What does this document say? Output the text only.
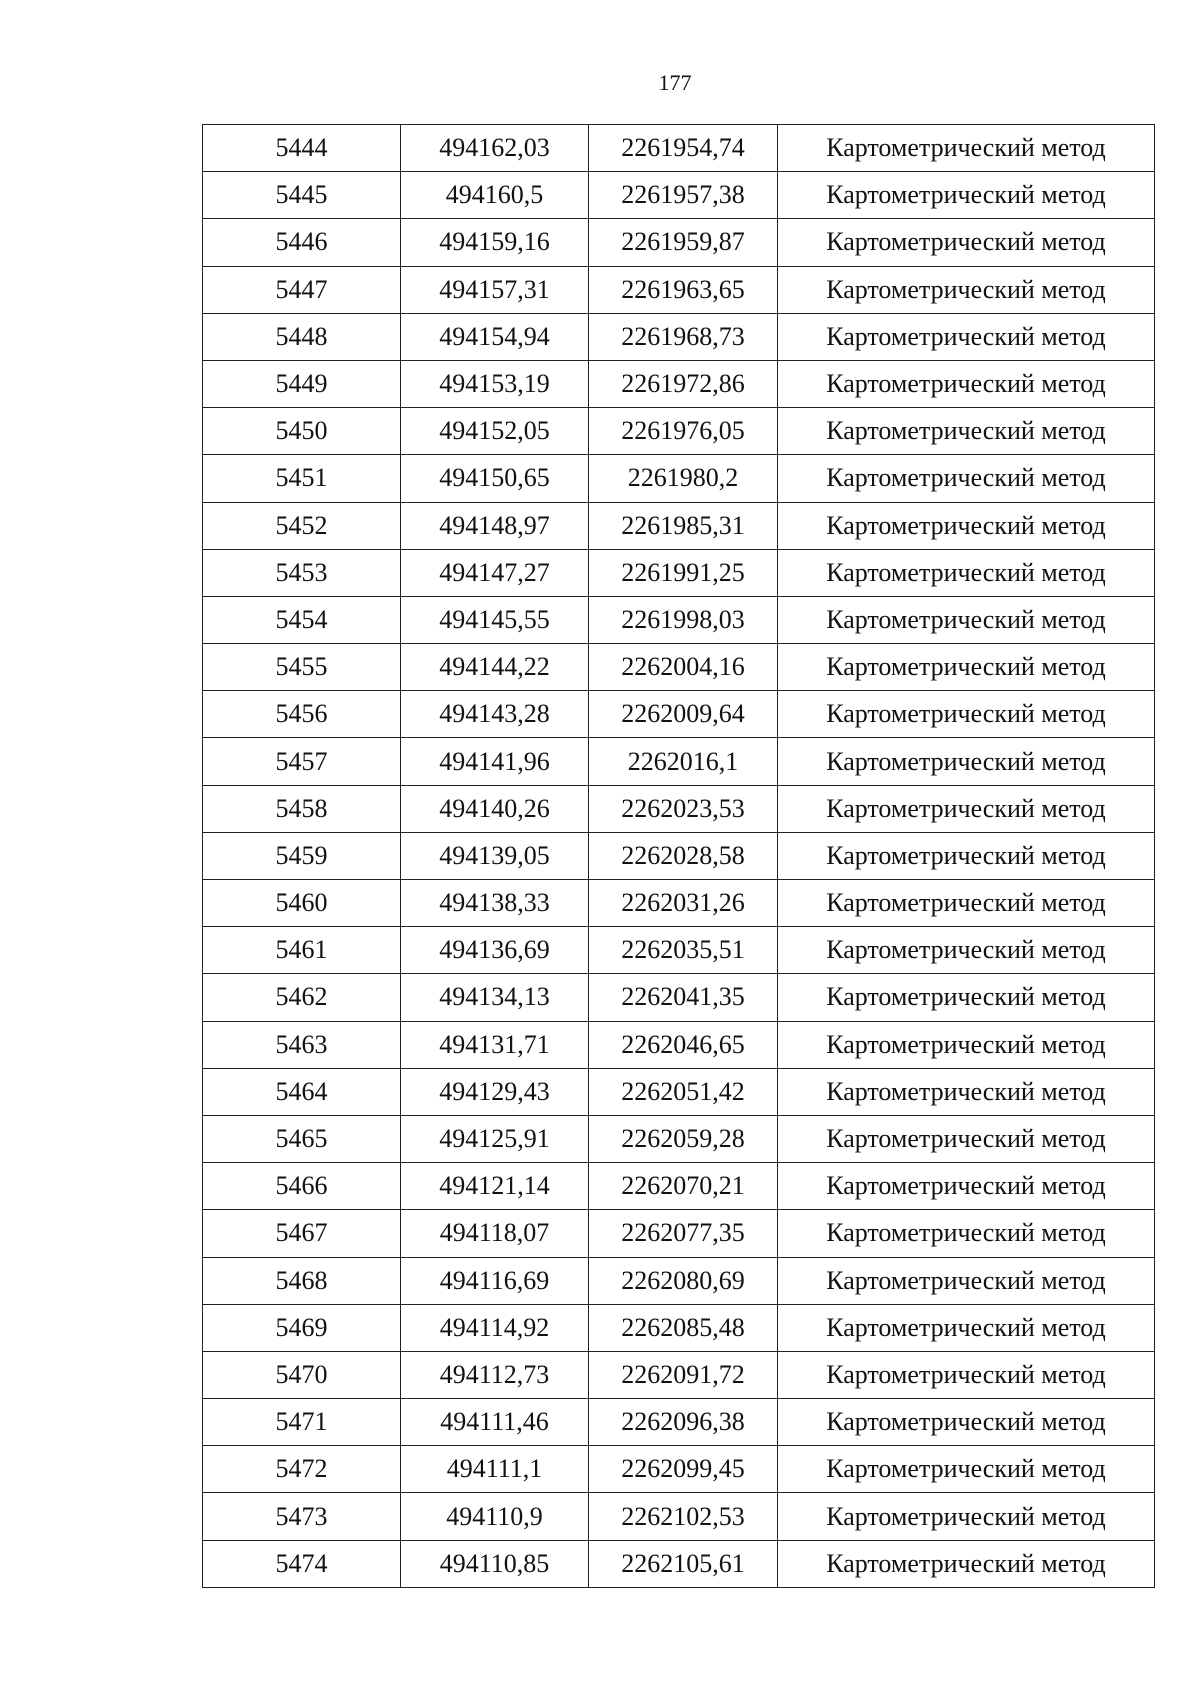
177
5444	494162,03	2261954,74	Картометрический метод
5445	494160,5	2261957,38	Картометрический метод
5446	494159,16	2261959,87	Картометрический метод
5447	494157,31	2261963,65	Картометрический метод
5448	494154,94	2261968,73	Картометрический метод
5449	494153,19	2261972,86	Картометрический метод
5450	494152,05	2261976,05	Картометрический метод
5451	494150,65	2261980,2	Картометрический метод
5452	494148,97	2261985,31	Картометрический метод
5453	494147,27	2261991,25	Картометрический метод
5454	494145,55	2261998,03	Картометрический метод
5455	494144,22	2262004,16	Картометрический метод
5456	494143,28	2262009,64	Картометрический метод
5457	494141,96	2262016,1	Картометрический метод
5458	494140,26	2262023,53	Картометрический метод
5459	494139,05	2262028,58	Картометрический метод
5460	494138,33	2262031,26	Картометрический метод
5461	494136,69	2262035,51	Картометрический метод
5462	494134,13	2262041,35	Картометрический метод
5463	494131,71	2262046,65	Картометрический метод
5464	494129,43	2262051,42	Картометрический метод
5465	494125,91	2262059,28	Картометрический метод
5466	494121,14	2262070,21	Картометрический метод
5467	494118,07	2262077,35	Картометрический метод
5468	494116,69	2262080,69	Картометрический метод
5469	494114,92	2262085,48	Картометрический метод
5470	494112,73	2262091,72	Картометрический метод
5471	494111,46	2262096,38	Картометрический метод
5472	494111,1	2262099,45	Картометрический метод
5473	494110,9	2262102,53	Картометрический метод
5474	494110,85	2262105,61	Картометрический метод
